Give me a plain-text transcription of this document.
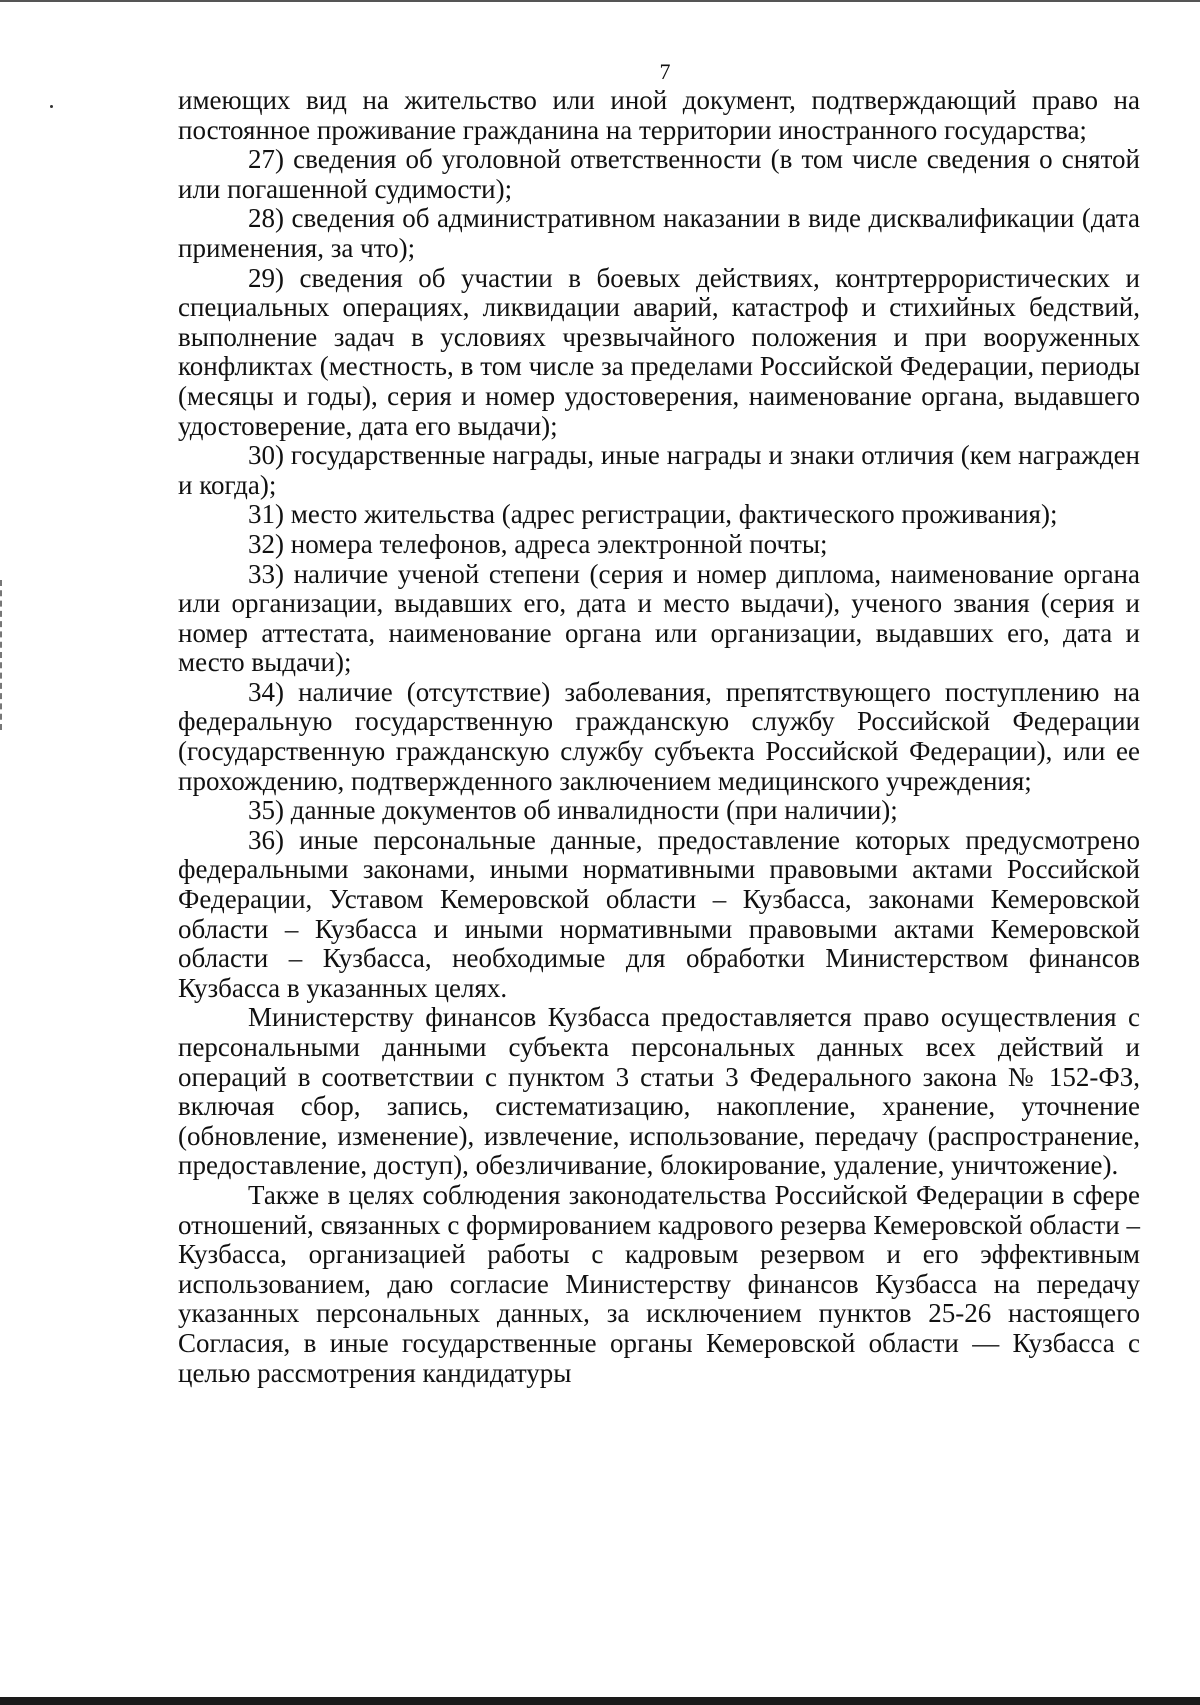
7

имеющих вид на жительство или иной документ, подтверждающий право на постоянное проживание гражданина на территории иностранного государства;

27) сведения об уголовной ответственности (в том числе сведения о снятой или погашенной судимости);

28) сведения об административном наказании в виде дисквалификации (дата применения, за что);

29) сведения об участии в боевых действиях, контртеррористических и специальных операциях, ликвидации аварий, катастроф и стихийных бедствий, выполнение задач в условиях чрезвычайного положения и при вооруженных конфликтах (местность, в том числе за пределами Российской Федерации, периоды (месяцы и годы), серия и номер удостоверения, наименование органа, выдавшего удостоверение, дата его выдачи);

30) государственные награды, иные награды и знаки отличия (кем награжден и когда);

31) место жительства (адрес регистрации, фактического проживания);

32) номера телефонов, адреса электронной почты;

33) наличие ученой степени (серия и номер диплома, наименование органа или организации, выдавших его, дата и место выдачи), ученого звания (серия и номер аттестата, наименование органа или организации, выдавших его, дата и место выдачи);

34) наличие (отсутствие) заболевания, препятствующего поступлению на федеральную государственную гражданскую службу Российской Федерации (государственную гражданскую службу субъекта Российской Федерации), или ее прохождению, подтвержденного заключением медицинского учреждения;

35) данные документов об инвалидности (при наличии);

36) иные персональные данные, предоставление которых предусмотрено федеральными законами, иными нормативными правовыми актами Российской Федерации, Уставом Кемеровской области – Кузбасса, законами Кемеровской области – Кузбасса и иными нормативными правовыми актами Кемеровской области – Кузбасса, необходимые для обработки Министерством финансов Кузбасса в указанных целях.

Министерству финансов Кузбасса предоставляется право осуществления с персональными данными субъекта персональных данных всех действий и операций в соответствии с пунктом 3 статьи 3 Федерального закона № 152-ФЗ, включая сбор, запись, систематизацию, накопление, хранение, уточнение (обновление, изменение), извлечение, использование, передачу (распространение, предоставление, доступ), обезличивание, блокирование, удаление, уничтожение).

Также в целях соблюдения законодательства Российской Федерации в сфере отношений, связанных с формированием кадрового резерва Кемеровской области – Кузбасса, организацией работы с кадровым резервом и его эффективным использованием, даю согласие Министерству финансов Кузбасса на передачу указанных персональных данных, за исключением пунктов 25-26 настоящего Согласия, в иные государственные органы Кемеровской области — Кузбасса с целью рассмотрения кандидатуры
